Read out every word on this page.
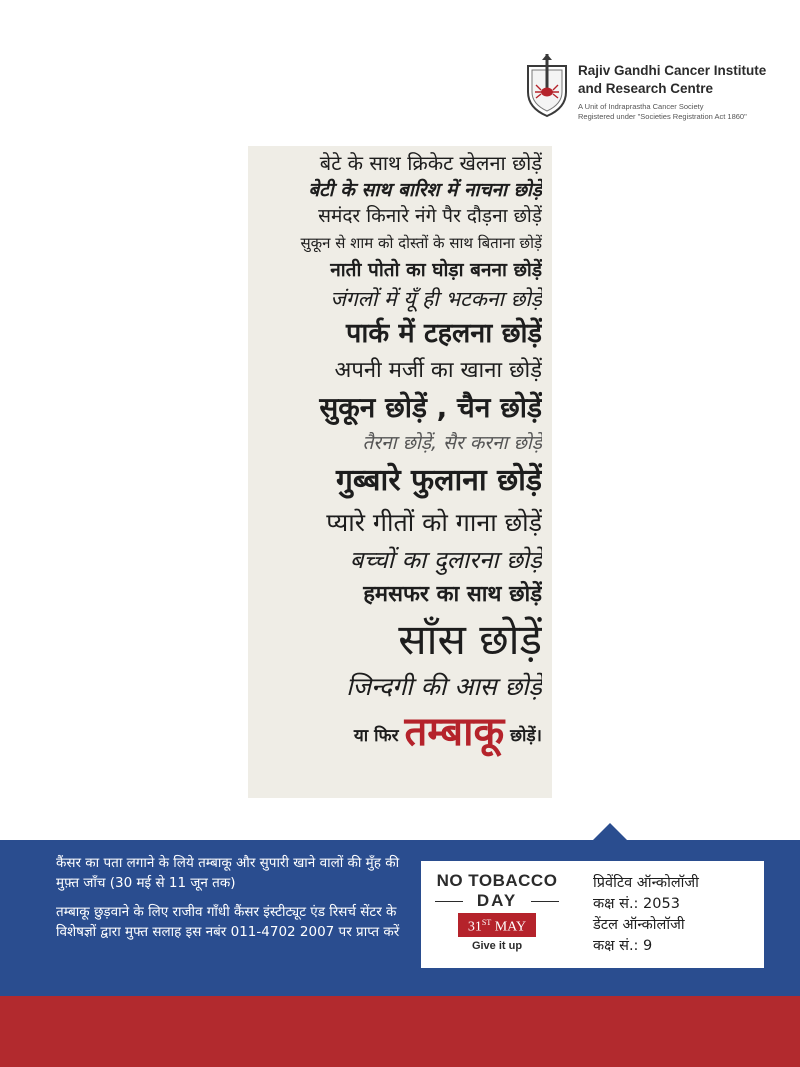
Rajiv Gandhi Cancer Institute
and Research Centre
A Unit of Indraprastha Cancer Society
Registered under "Societies Registration Act 1860"
बेटे के साथ क्रिकेट खेलना छोड़ें
बेटी के साथ बारिश में नाचना छोड़ें
समंदर किनारे नंगे पैर दौड़ना छोड़ें
सुकून से शाम को दोस्तों के साथ बिताना छोड़ें
नाती पोतो का घोड़ा बनना छोड़ें
जंगलों में यूँ ही भटकना छोड़ें
पार्क में टहलना छोड़ें
अपनी मर्जी का खाना छोड़ें
सुकून छोड़ें , चैन छोड़ें
तैरना छोड़ें, सैर करना छोड़ें
गुब्बारे फुलाना छोड़ें
प्यारे गीतों को गाना छोड़ें
बच्चों का दुलारना छोड़ें
हमसफर का साथ छोड़ें
साँस छोड़ें
जिन्दगी की आस छोड़ें
या फिर तम्बाकू छोड़ें।

कैंसर का पता लगाने के लिये तम्बाकू और सुपारी खाने वालों की मुँह की मुफ़्त जाँच (30 मई से 11 जून तक)

तम्बाकू छुड़वाने के लिए राजीव गाँधी कैंसर इंस्टीट्यूट एंड रिसर्च सेंटर के विशेषज्ञों द्वारा मुफ्त सलाह इस नबंर 011-4702 2007 पर प्राप्त करें

NO TOBACCO
DAY
31ST MAY
Give it up
प्रिवेंटिव ऑन्कोलॉजी
कक्ष सं.: 2053
डेंटल ऑन्कोलॉजी
कक्ष सं.: 9
